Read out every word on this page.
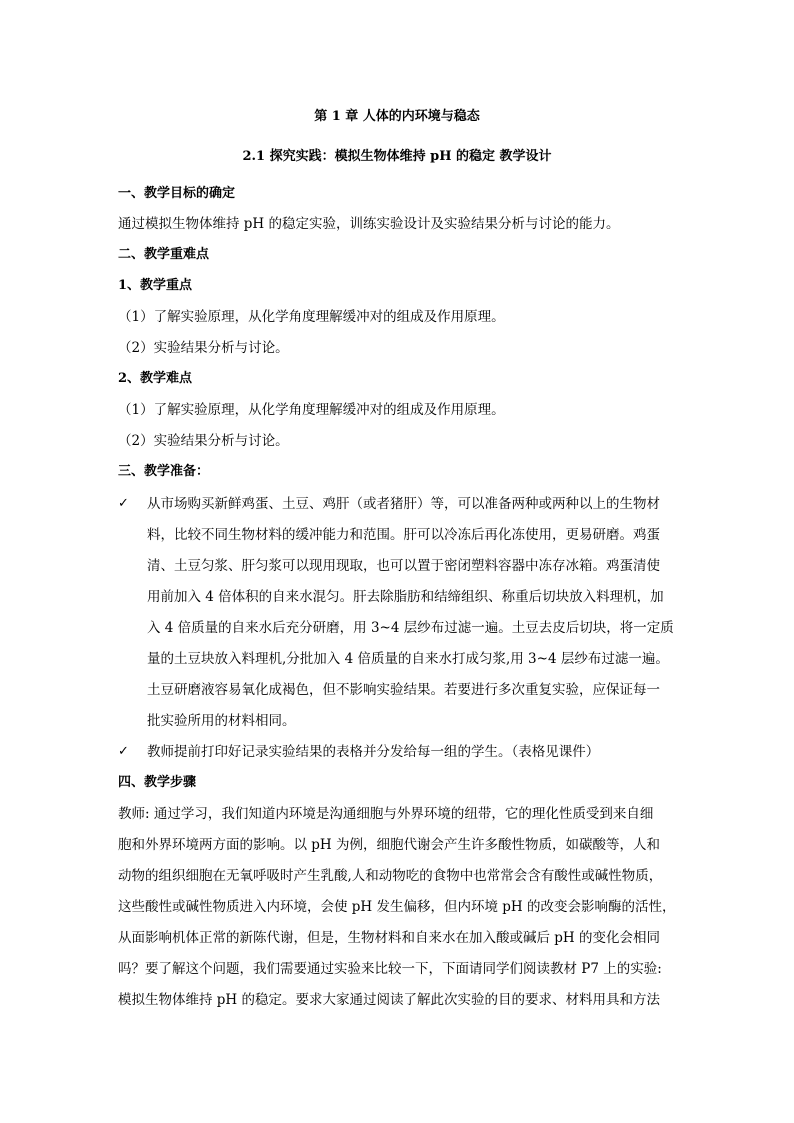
第 1 章 人体的内环境与稳态
2.1 探究实践：模拟生物体维持 pH 的稳定 教学设计
一、教学目标的确定
通过模拟生物体维持 pH 的稳定实验，训练实验设计及实验结果分析与讨论的能力。
二、教学重难点
1、教学重点
（1）了解实验原理，从化学角度理解缓冲对的组成及作用原理。
（2）实验结果分析与讨论。
2、教学难点
（1）了解实验原理，从化学角度理解缓冲对的组成及作用原理。
（2）实验结果分析与讨论。
三、教学准备：
✓ 从市场购买新鲜鸡蛋、土豆、鸡肝（或者猪肝）等，可以准备两种或两种以上的生物材
料，比较不同生物材料的缓冲能力和范围。肝可以冷冻后再化冻使用，更易研磨。鸡蛋
清、土豆匀浆、肝匀浆可以现用现取，也可以置于密闭塑料容器中冻存冰箱。鸡蛋清使
用前加入 4 倍体积的自来水混匀。肝去除脂肪和结缔组织、称重后切块放入料理机，加
入 4 倍质量的自来水后充分研磨，用 3~4 层纱布过滤一遍。土豆去皮后切块，将一定质
量的土豆块放入料理机,分批加入 4 倍质量的自来水打成匀浆,用 3~4 层纱布过滤一遍。
土豆研磨液容易氧化成褐色，但不影响实验结果。若要进行多次重复实验，应保证每一
批实验所用的材料相同。
✓ 教师提前打印好记录实验结果的表格并分发给每一组的学生。（表格见课件）
四、教学步骤
教师: 通过学习，我们知道内环境是沟通细胞与外界环境的纽带，它的理化性质受到来自细
胞和外界环境两方面的影响。以 pH 为例，细胞代谢会产生许多酸性物质，如碳酸等，人和
动物的组织细胞在无氧呼吸时产生乳酸,人和动物吃的食物中也常常会含有酸性或碱性物质，
这些酸性或碱性物质进入内环境，会使 pH 发生偏移，但内环境 pH 的改变会影响酶的活性，
从面影响机体正常的新陈代谢，但是，生物材料和自来水在加入酸或碱后 pH 的变化会相同
吗？要了解这个问题，我们需要通过实验来比较一下，下面请同学们阅读教材 P7 上的实验:
模拟生物体维持 pH 的稳定。要求大家通过阅读了解此次实验的目的要求、材料用具和方法
